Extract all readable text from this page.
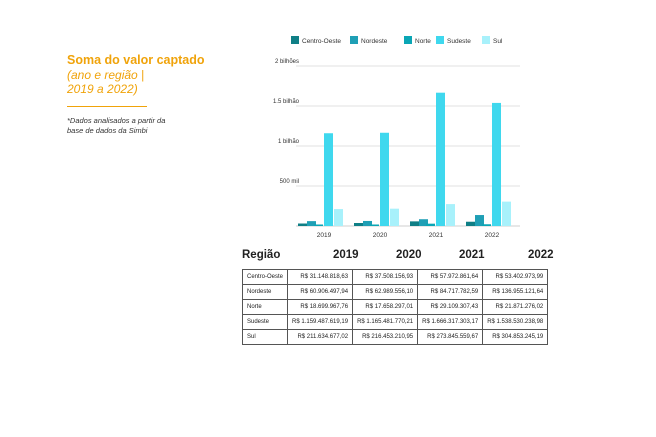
Soma do valor captado
(ano e região | 2019 a 2022)
*Dados analisados a partir da base de dados da Simbi
500 mil
1 bilhão
1.5 bilhão
2 bilhões
2019	2020	2021	2022
Centro-Oeste	Nordeste	Norte Sudeste	Sul
Região	2019	2020	2021	2022
Centro-Oeste	R$ 31.148.818,63	R$ 37.508.156,93	R$ 57.972.861,64	R$ 53.402.973,99
Nordeste	R$ 60.906.497,94	R$ 62.989.556,10	R$ 84.717.782,59	R$ 136.955.121,64
Norte	R$ 18.699.967,76	R$ 17.658.297,01	R$ 29.109.307,43	R$ 21.871.276,02
Sudeste	R$ 1.159.487.619,19	R$ 1.165.481.770,21	R$ 1.666.317.303,17	R$ 1.538.530.238,98
Sul	R$ 211.634.677,02	R$ 216.453.210,95	R$ 273.845.559,67	R$ 304.853.245,19
